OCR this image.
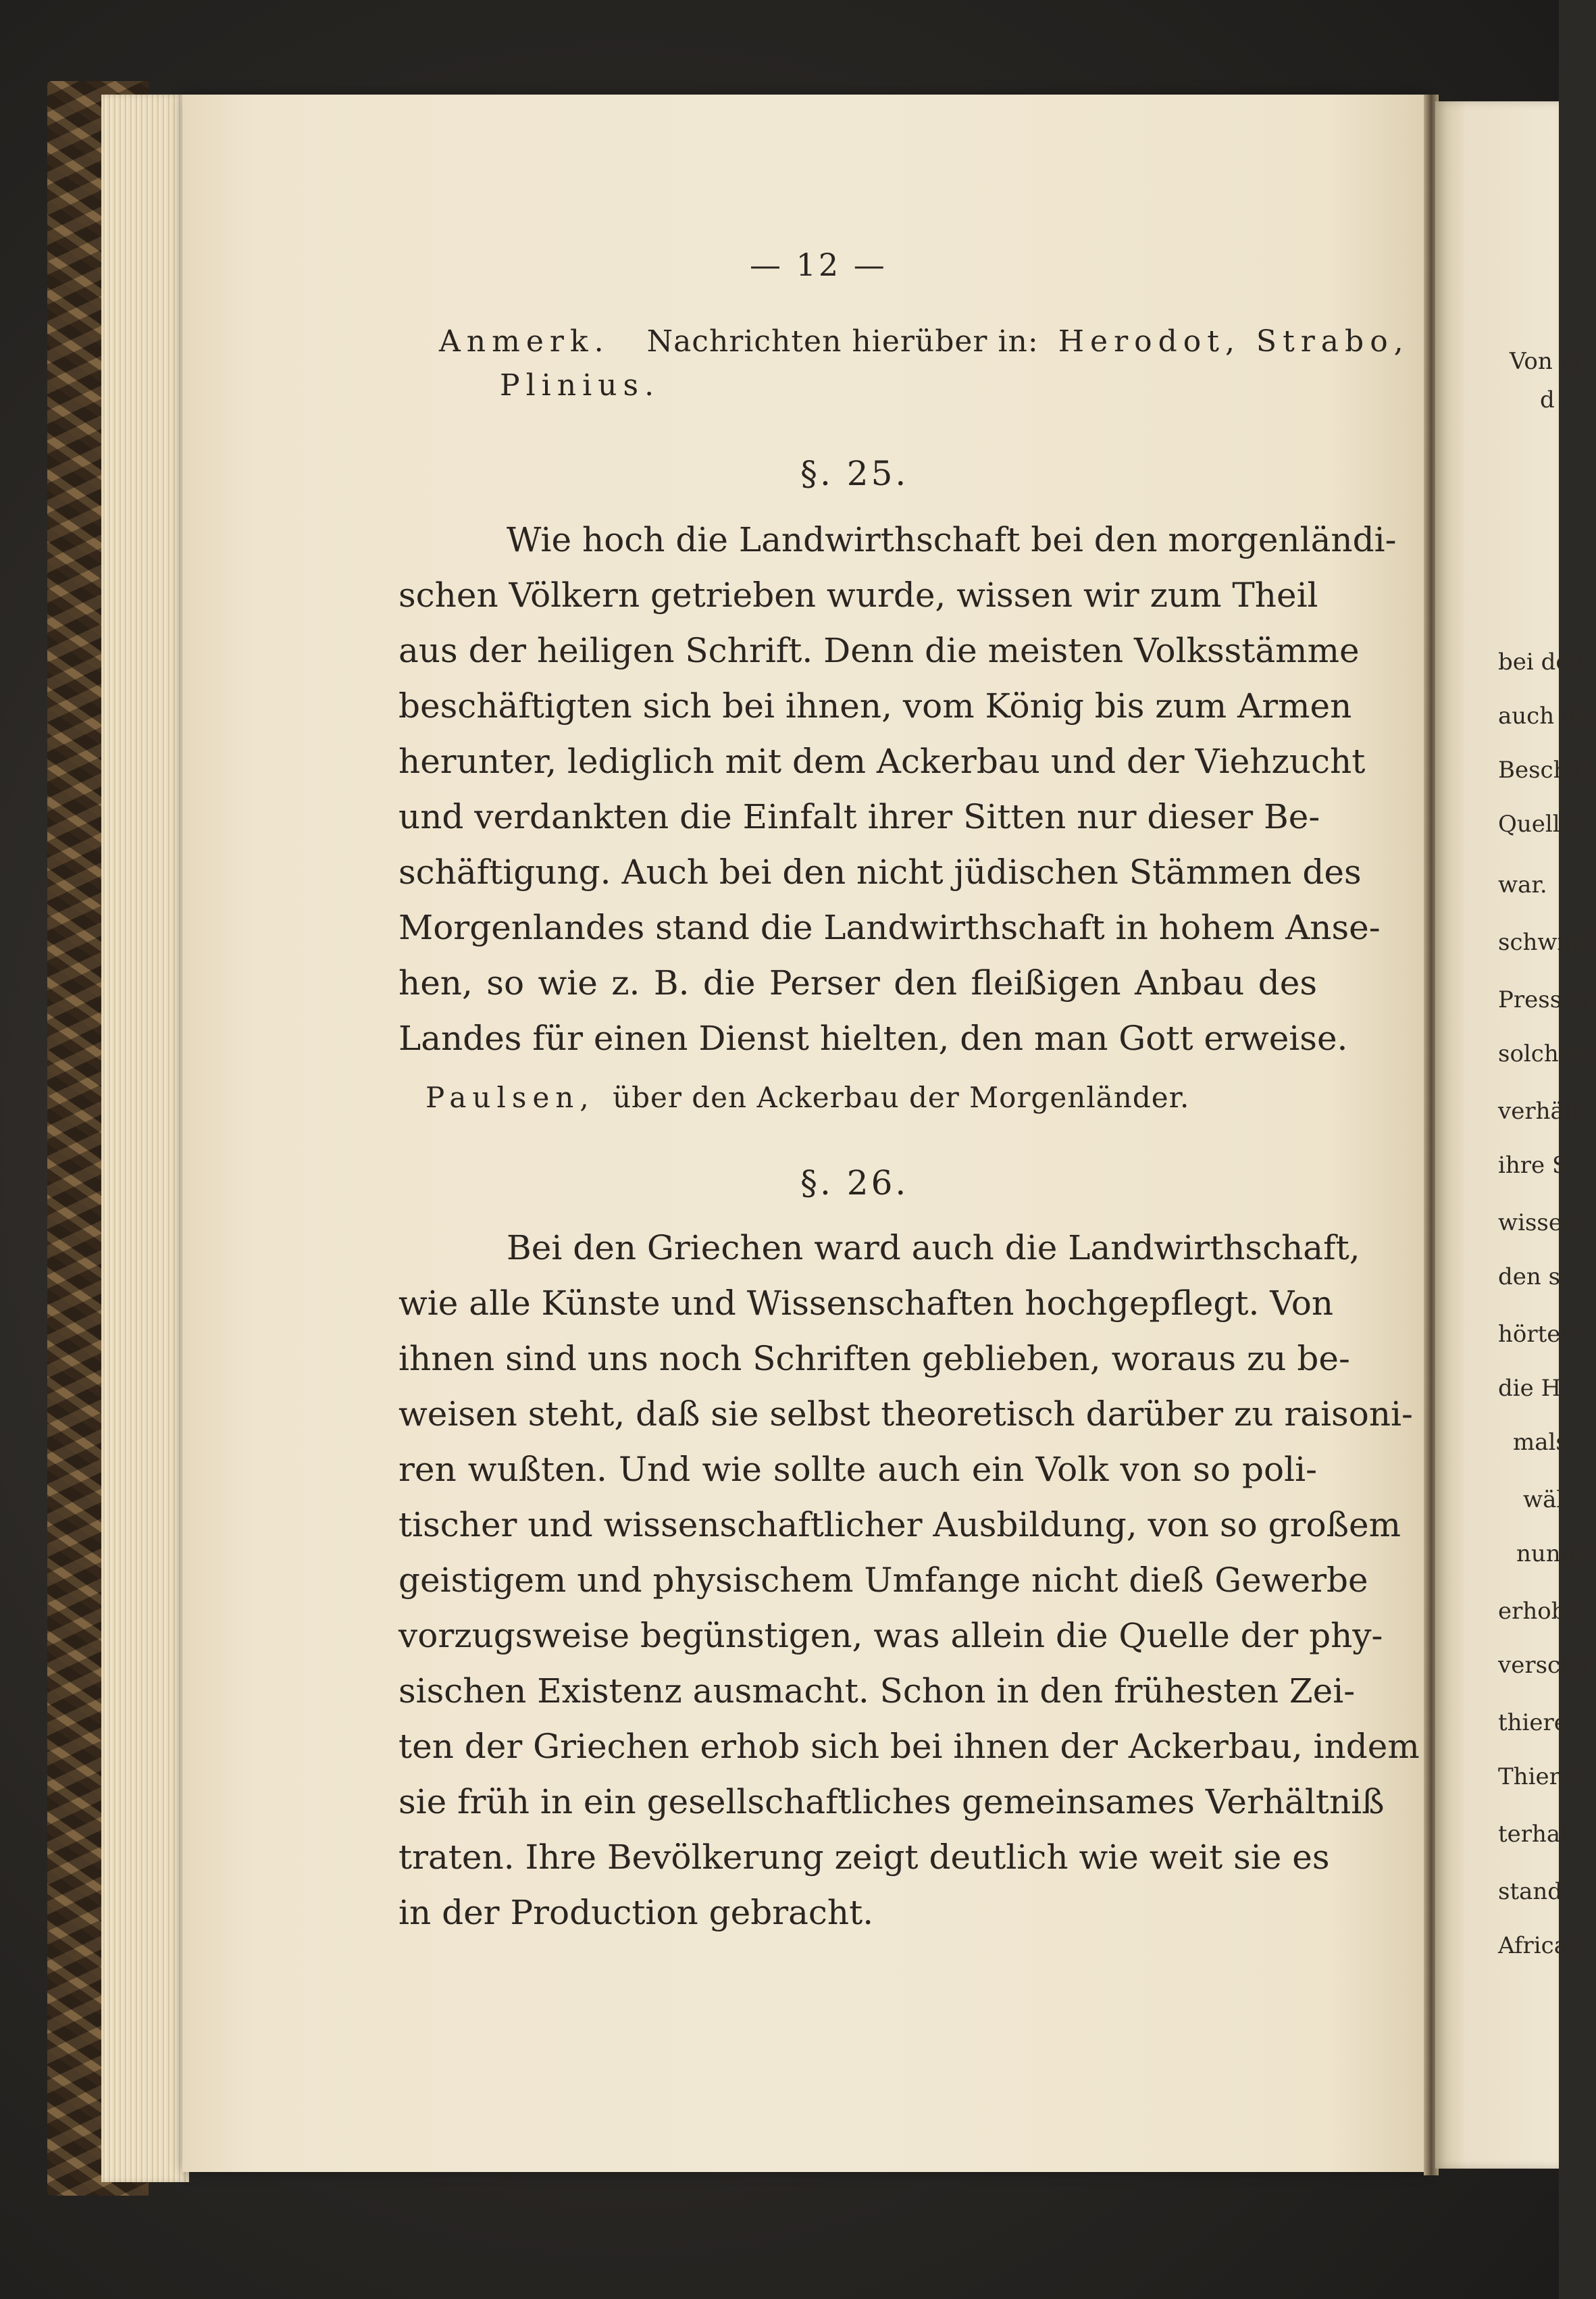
— 12 —
Anmerk. Nachrichten hierüber in: Herodot, Strabo,
Plinius.
§. 25.
Wie hoch die Landwirthschaft bei den morgenländi-
schen Völkern getrieben wurde, wissen wir zum Theil
aus der heiligen Schrift. Denn die meisten Volksstämme
beschäftigten sich bei ihnen, vom König bis zum Armen
herunter, lediglich mit dem Ackerbau und der Viehzucht
und verdankten die Einfalt ihrer Sitten nur dieser Be-
schäftigung. Auch bei den nicht jüdischen Stämmen des
Morgenlandes stand die Landwirthschaft in hohem Anse-
hen, so wie z. B. die Perser den fleißigen Anbau des
Landes für einen Dienst hielten, den man Gott erweise.
Paulsen, über den Ackerbau der Morgenländer.
§. 26.
Bei den Griechen ward auch die Landwirthschaft,
wie alle Künste und Wissenschaften hochgepflegt. Von
ihnen sind uns noch Schriften geblieben, woraus zu be-
weisen steht, daß sie selbst theoretisch darüber zu raisoni-
ren wußten. Und wie sollte auch ein Volk von so poli-
tischer und wissenschaftlicher Ausbildung, von so großem
geistigem und physischem Umfange nicht dieß Gewerbe
vorzugsweise begünstigen, was allein die Quelle der phy-
sischen Existenz ausmacht. Schon in den frühesten Zei-
ten der Griechen erhob sich bei ihnen der Ackerbau, indem
sie früh in ein gesellschaftliches gemeinsames Verhältniß
traten. Ihre Bevölkerung zeigt deutlich wie weit sie es
in der Production gebracht.
Von ih
d
bei den
auch de
Beschäf
Quelle
war.
schwind
Pressen
solchem
verhält
ihre S
wissen
den s
hörter
die H
mals
wäl
nunge
erhobe
verschie
thiere
Thiere
terhal
stand
Africa's
